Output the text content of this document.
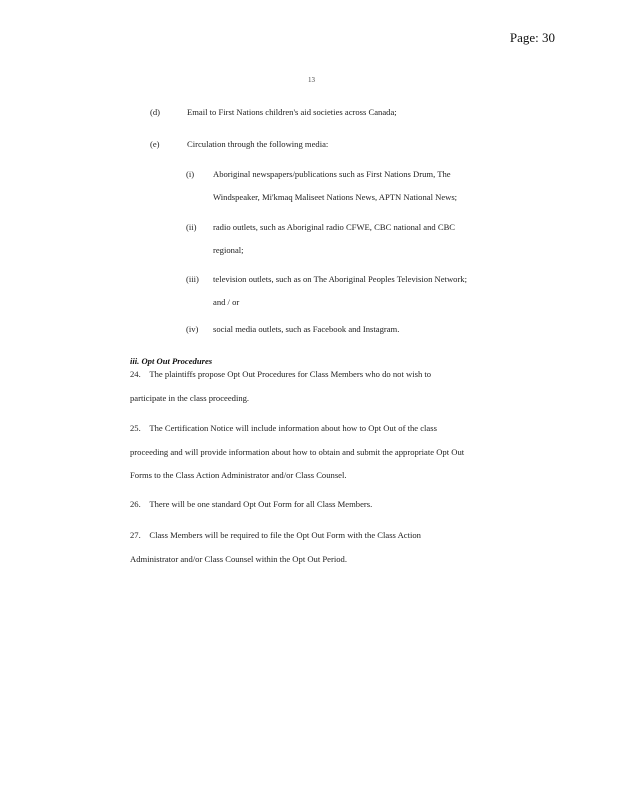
Page: 30
13
(d)	Email to First Nations children's aid societies across Canada;
(e)	Circulation through the following media:
(i) Aboriginal newspapers/publications such as First Nations Drum, The
Windspeaker, Mi'kmaq Maliseet Nations News, APTN National News;
(ii) radio outlets, such as Aboriginal radio CFWE, CBC national and CBC
regional;
(iii) television outlets, such as on The Aboriginal Peoples Television Network;
and / or
(iv) social media outlets, such as Facebook and Instagram.
iii. Opt Out Procedures
24. The plaintiffs propose Opt Out Procedures for Class Members who do not wish to
participate in the class proceeding.
25. The Certification Notice will include information about how to Opt Out of the class
proceeding and will provide information about how to obtain and submit the appropriate Opt Out
Forms to the Class Action Administrator and/or Class Counsel.
26. There will be one standard Opt Out Form for all Class Members.
27. Class Members will be required to file the Opt Out Form with the Class Action
Administrator and/or Class Counsel within the Opt Out Period.
